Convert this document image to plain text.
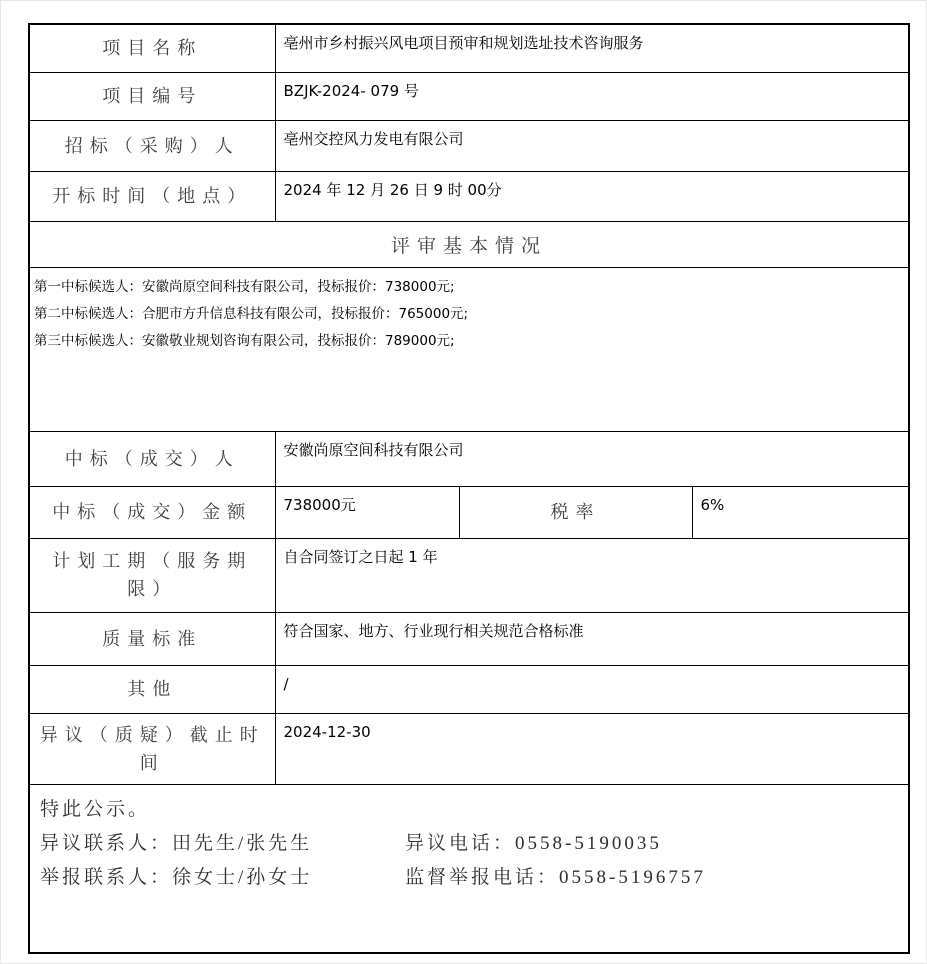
项目名称	亳州市乡村振兴风电项目预审和规划选址技术咨询服务		
项目编号	BZJK-2024- 079 号		
招标（采购）人	亳州交控风力发电有限公司		
开标时间（地点）	2024 年 12 月 26 日 9 时 00分		
评审基本情况			

第一中标候选人：安徽尚原空间科技有限公司，投标报价：738000元;
第二中标候选人：合肥市方升信息科技有限公司，投标报价：765000元;
第三中标候选人：安徽敬业规划咨询有限公司，投标报价：789000元;			

中标（成交）人	安徽尚原空间科技有限公司		
中标（成交）金额	738000元	税率	6%
计划工期（服务期限）	自合同签订之日起 1 年		
质量标准	符合国家、地方、行业现行相关规范合格标准		
其他	/		
异议（质疑）截止时间	2024-12-30		

特此公示。
异议联系人：田先生/张先生 异议电话：0558-5190035
举报联系人：徐女士/孙女士 监督举报电话：0558-5196757			
